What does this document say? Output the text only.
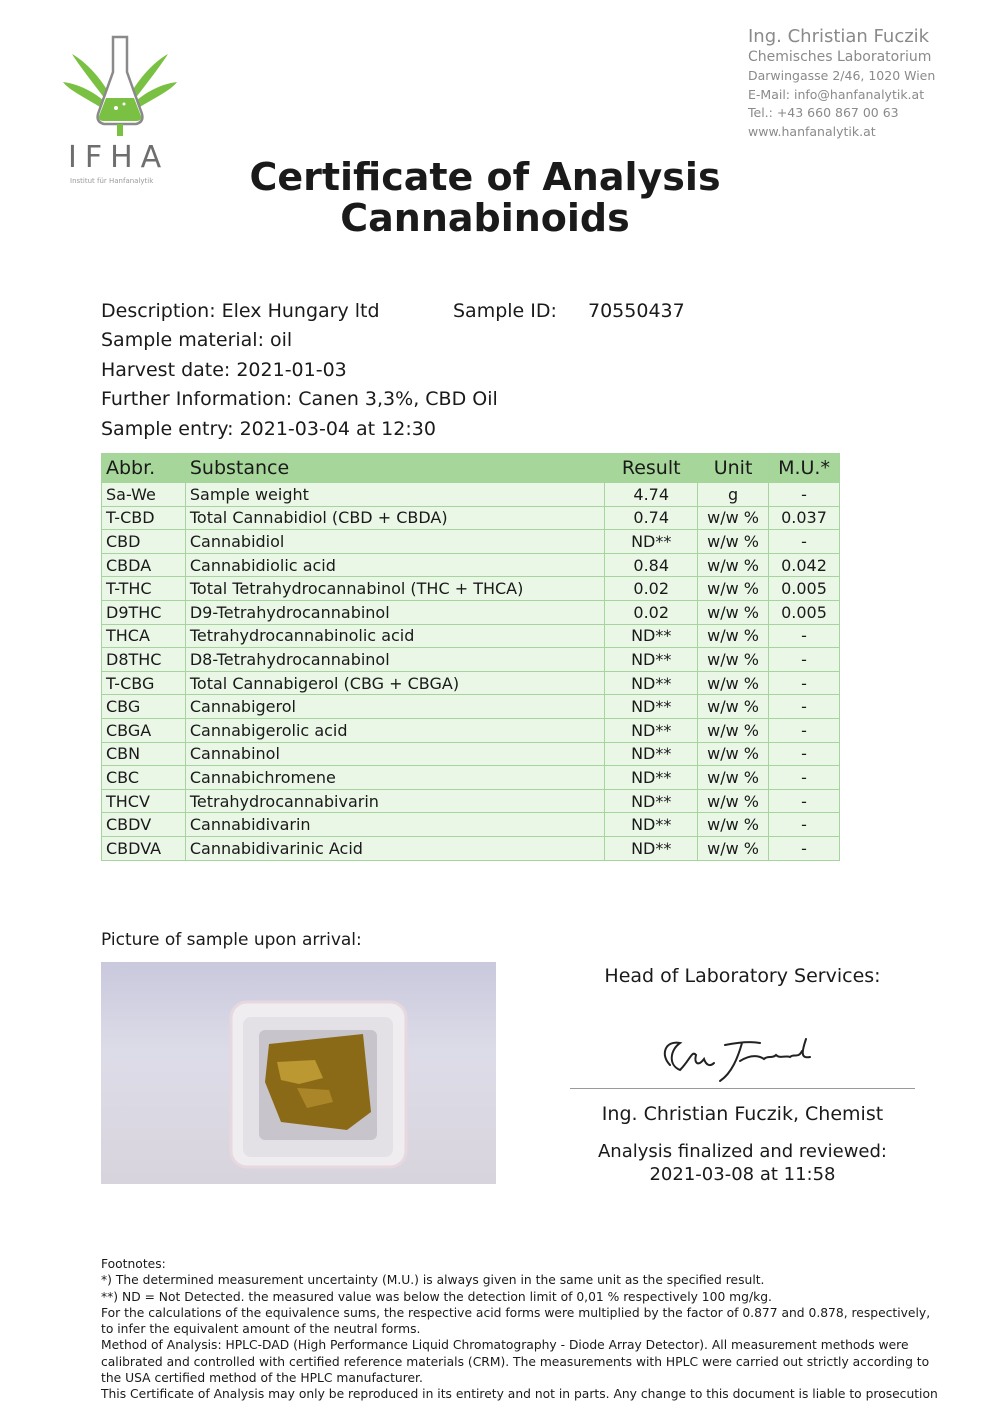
IFHA
Institut für Hanfanalytik
Ing. Christian Fuczik
Chemisches Laboratorium
Darwingasse 2/46, 1020 Wien
E-Mail: info@hanfanalytik.at
Tel.: +43 660 867 00 63
www.hanfanalytik.at
Certificate of Analysis
Cannabinoids
Description: Elex Hungary ltd	Sample ID: 70550437
Sample material: oil
Harvest date: 2021-01-03
Further Information: Canen 3,3%, CBD Oil
Sample entry: 2021-03-04 at 12:30
Abbr.	Substance	Result	Unit	M.U.*
Sa-We	Sample weight	4.74	g	-
T-CBD	Total Cannabidiol (CBD + CBDA)	0.74	w/w %	0.037
CBD	Cannabidiol	ND**	w/w %	-
CBDA	Cannabidiolic acid	0.84	w/w %	0.042
T-THC	Total Tetrahydrocannabinol (THC + THCA)	0.02	w/w %	0.005
D9THC	D9-Tetrahydrocannabinol	0.02	w/w %	0.005
THCA	Tetrahydrocannabinolic acid	ND**	w/w %	-
D8THC	D8-Tetrahydrocannabinol	ND**	w/w %	-
T-CBG	Total Cannabigerol (CBG + CBGA)	ND**	w/w %	-
CBG	Cannabigerol	ND**	w/w %	-
CBGA	Cannabigerolic acid	ND**	w/w %	-
CBN	Cannabinol	ND**	w/w %	-
CBC	Cannabichromene	ND**	w/w %	-
THCV	Tetrahydrocannabivarin	ND**	w/w %	-
CBDV	Cannabidivarin	ND**	w/w %	-
CBDVA	Cannabidivarinic Acid	ND**	w/w %	-
Picture of sample upon arrival:
Head of Laboratory Services:
Ing. Christian Fuczik, Chemist
Analysis finalized and reviewed:
2021-03-08 at 11:58
Footnotes:
*) The determined measurement uncertainty (M.U.) is always given in the same unit as the specified result.
**) ND = Not Detected. the measured value was below the detection limit of 0,01 % respectively 100 mg/kg.
For the calculations of the equivalence sums, the respective acid forms were multiplied by the factor of 0.877 and 0.878, respectively, to infer the equivalent amount of the neutral forms.
Method of Analysis: HPLC-DAD (High Performance Liquid Chromatography - Diode Array Detector). All measurement methods were calibrated and controlled with certified reference materials (CRM). The measurements with HPLC were carried out strictly according to the USA certified method of the HPLC manufacturer.
This Certificate of Analysis may only be reproduced in its entirety and not in parts. Any change to this document is liable to prosecution
